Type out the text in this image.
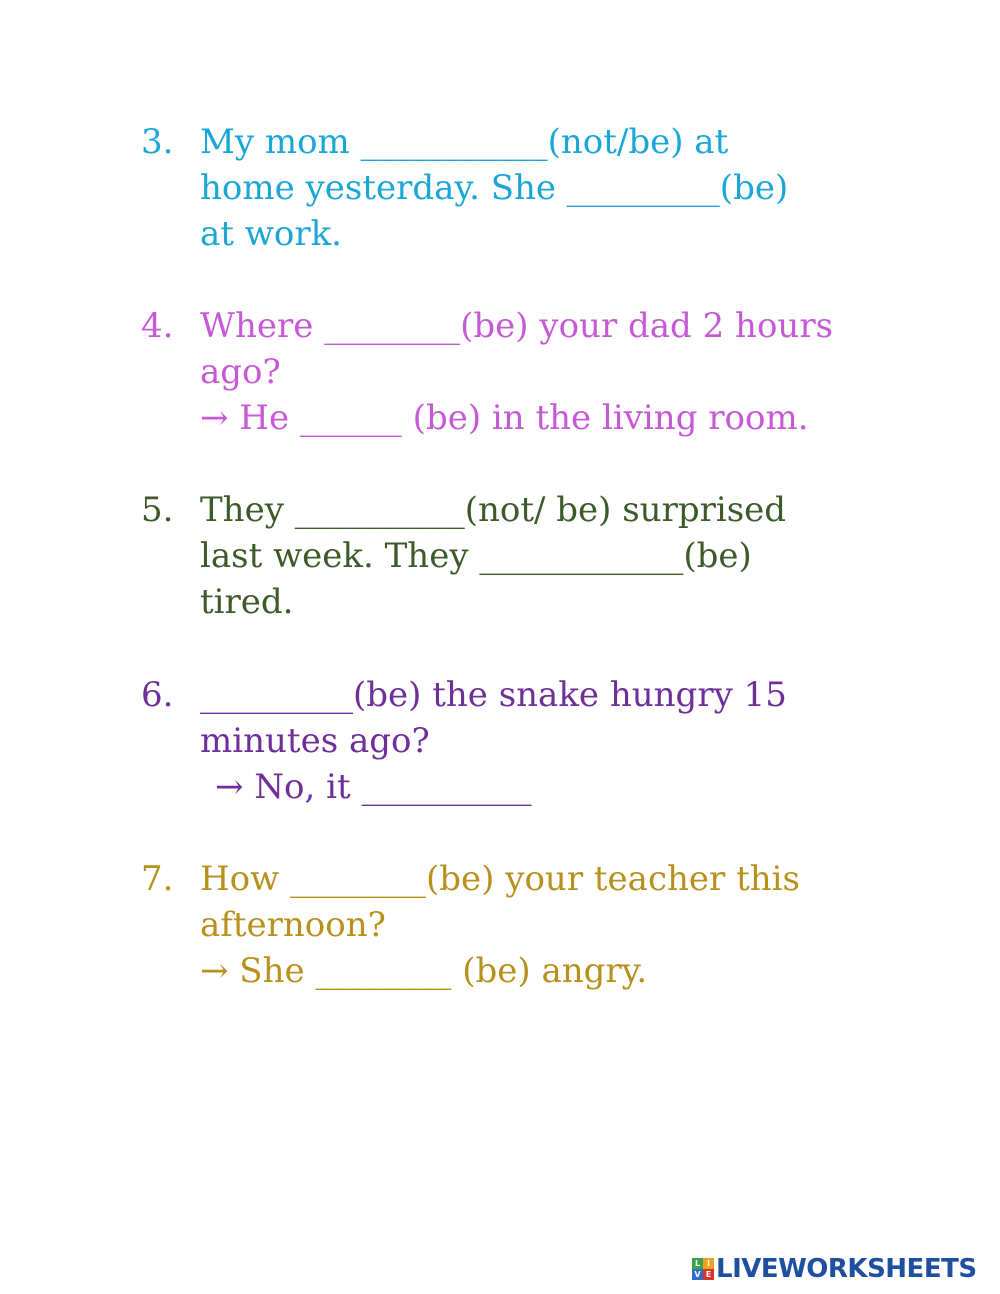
3. My mom ___________(not/be) at
home yesterday. She _________(be)
at work.
4. Where ________(be) your dad 2 hours
ago?
→ He ______ (be) in the living room.
5. They __________(not/ be) surprised
last week. They ____________(be)
tired.
6. _________(be) the snake hungry 15
minutes ago?
→ No, it __________
7. How ________(be) your teacher this
afternoon?
→ She ________ (be) angry.
L I
V E LIVEWORKSHEETS
